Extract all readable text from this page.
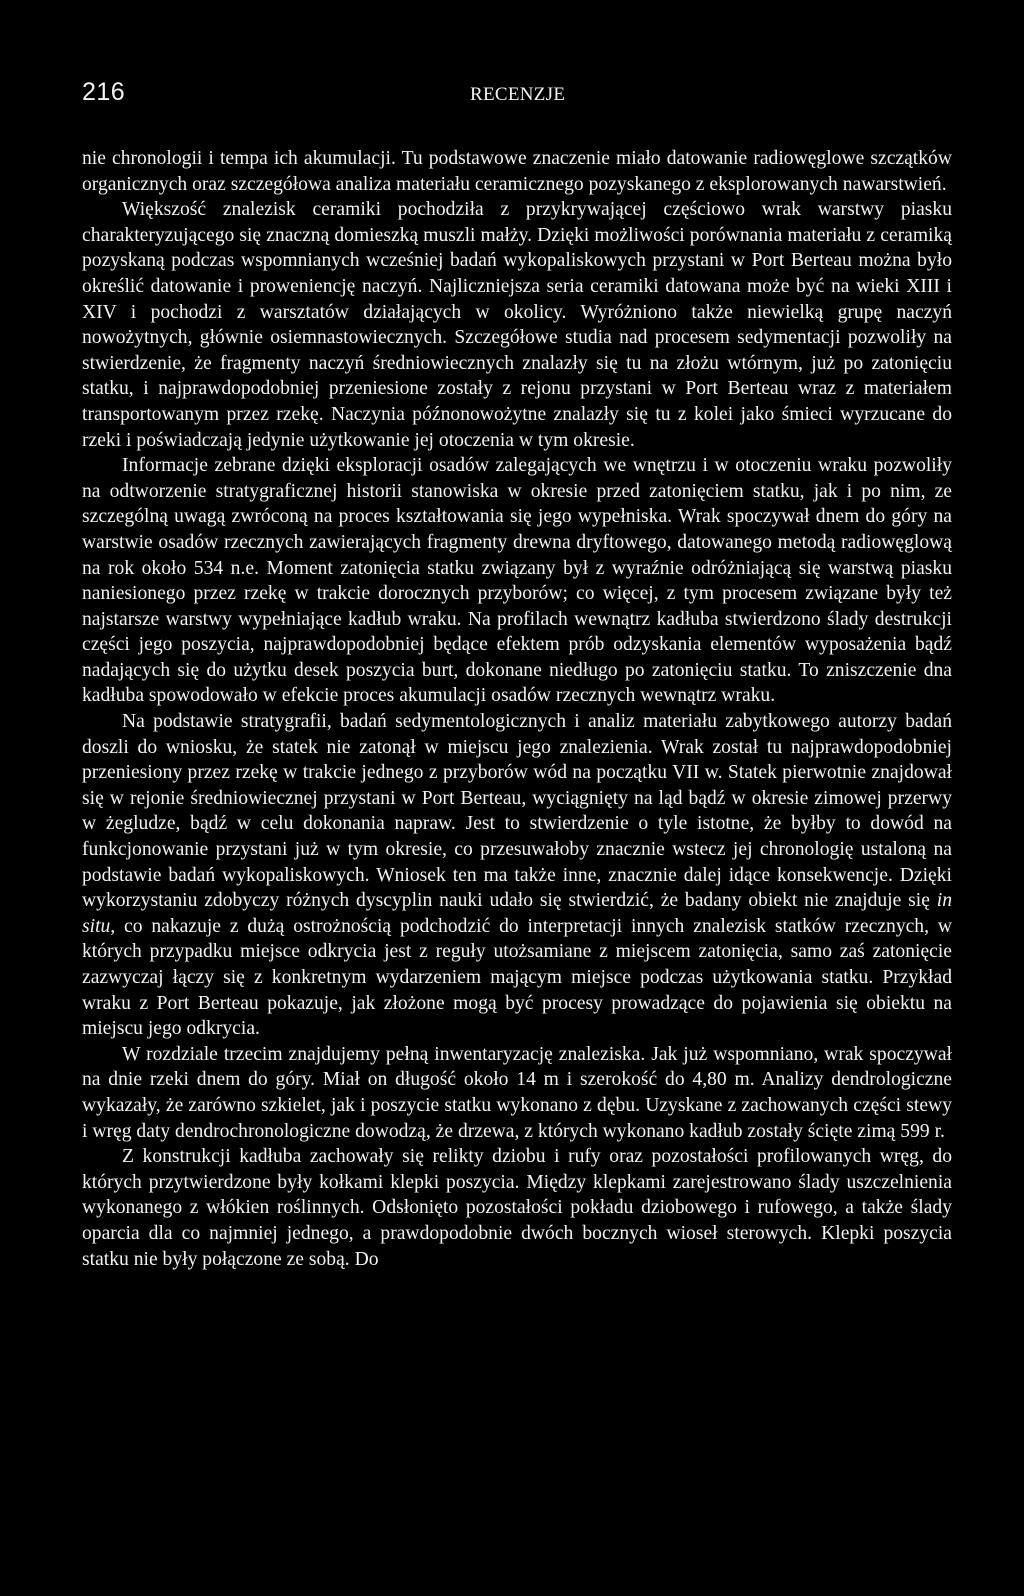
216	RECENZJE

nie chronologii i tempa ich akumulacji. Tu podstawowe znaczenie miało datowanie radiowęglowe szczątków organicznych oraz szczegółowa analiza materiału ceramicznego pozyskanego z eksplorowanych nawarstwień.

Większość znalezisk ceramiki pochodziła z przykrywającej częściowo wrak warstwy piasku charakteryzującego się znaczną domieszką muszli małży. Dzięki możliwości porównania materiału z ceramiką pozyskaną podczas wspomnianych wcześniej badań wykopaliskowych przystani w Port Berteau można było określić datowanie i proweniencję naczyń. Najliczniejsza seria ceramiki datowana może być na wieki XIII i XIV i pochodzi z warsztatów działających w okolicy. Wyróżniono także niewielką grupę naczyń nowożytnych, głównie osiemnastowiecznych. Szczegółowe studia nad procesem sedymentacji pozwoliły na stwierdzenie, że fragmenty naczyń średniowiecznych znalazły się tu na złożu wtórnym, już po zatonięciu statku, i najprawdopodobniej przeniesione zostały z rejonu przystani w Port Berteau wraz z materiałem transportowanym przez rzekę. Naczynia późnonowożytne znalazły się tu z kolei jako śmieci wyrzucane do rzeki i poświadczają jedynie użytkowanie jej otoczenia w tym okresie.

Informacje zebrane dzięki eksploracji osadów zalegających we wnętrzu i w otoczeniu wraku pozwoliły na odtworzenie stratygraficznej historii stanowiska w okresie przed zatonięciem statku, jak i po nim, ze szczególną uwagą zwróconą na proces kształtowania się jego wypełniska. Wrak spoczywał dnem do góry na warstwie osadów rzecznych zawierających fragmenty drewna dryftowego, datowanego metodą radiowęglową na rok około 534 n.e. Moment zatonięcia statku związany był z wyraźnie odróżniającą się warstwą piasku naniesionego przez rzekę w trakcie dorocznych przyborów; co więcej, z tym procesem związane były też najstarsze warstwy wypełniające kadłub wraku. Na profilach wewnątrz kadłuba stwierdzono ślady destrukcji części jego poszycia, najprawdopodobniej będące efektem prób odzyskania elementów wyposażenia bądź nadających się do użytku desek poszycia burt, dokonane niedługo po zatonięciu statku. To zniszczenie dna kadłuba spowodowało w efekcie proces akumulacji osadów rzecznych wewnątrz wraku.

Na podstawie stratygrafii, badań sedymentologicznych i analiz materiału zabytkowego autorzy badań doszli do wniosku, że statek nie zatonął w miejscu jego znalezienia. Wrak został tu najprawdopodobniej przeniesiony przez rzekę w trakcie jednego z przyborów wód na początku VII w. Statek pierwotnie znajdował się w rejonie średniowiecznej przystani w Port Berteau, wyciągnięty na ląd bądź w okresie zimowej przerwy w żegludze, bądź w celu dokonania napraw. Jest to stwierdzenie o tyle istotne, że byłby to dowód na funkcjonowanie przystani już w tym okresie, co przesuwałoby znacznie wstecz jej chronologię ustaloną na podstawie badań wykopaliskowych. Wniosek ten ma także inne, znacznie dalej idące konsekwencje. Dzięki wykorzystaniu zdobyczy różnych dyscyplin nauki udało się stwierdzić, że badany obiekt nie znajduje się in situ, co nakazuje z dużą ostrożnością podchodzić do interpretacji innych znalezisk statków rzecznych, w których przypadku miejsce odkrycia jest z reguły utożsamiane z miejscem zatonięcia, samo zaś zatonięcie zazwyczaj łączy się z konkretnym wydarzeniem mającym miejsce podczas użytkowania statku. Przykład wraku z Port Berteau pokazuje, jak złożone mogą być procesy prowadzące do pojawienia się obiektu na miejscu jego odkrycia.

W rozdziale trzecim znajdujemy pełną inwentaryzację znaleziska. Jak już wspomniano, wrak spoczywał na dnie rzeki dnem do góry. Miał on długość około 14 m i szerokość do 4,80 m. Analizy dendrologiczne wykazały, że zarówno szkielet, jak i poszycie statku wykonano z dębu. Uzyskane z zachowanych części stewy i wręg daty dendrochronologiczne dowodzą, że drzewa, z których wykonano kadłub zostały ścięte zimą 599 r.

Z konstrukcji kadłuba zachowały się relikty dziobu i rufy oraz pozostałości profilowanych wręg, do których przytwierdzone były kołkami klepki poszycia. Między klepkami zarejestrowano ślady uszczelnienia wykonanego z włókien roślinnych. Odsłonięto pozostałości pokładu dziobowego i rufowego, a także ślady oparcia dla co najmniej jednego, a prawdopodobnie dwóch bocznych wioseł sterowych. Klepki poszycia statku nie były połączone ze sobą. Do
